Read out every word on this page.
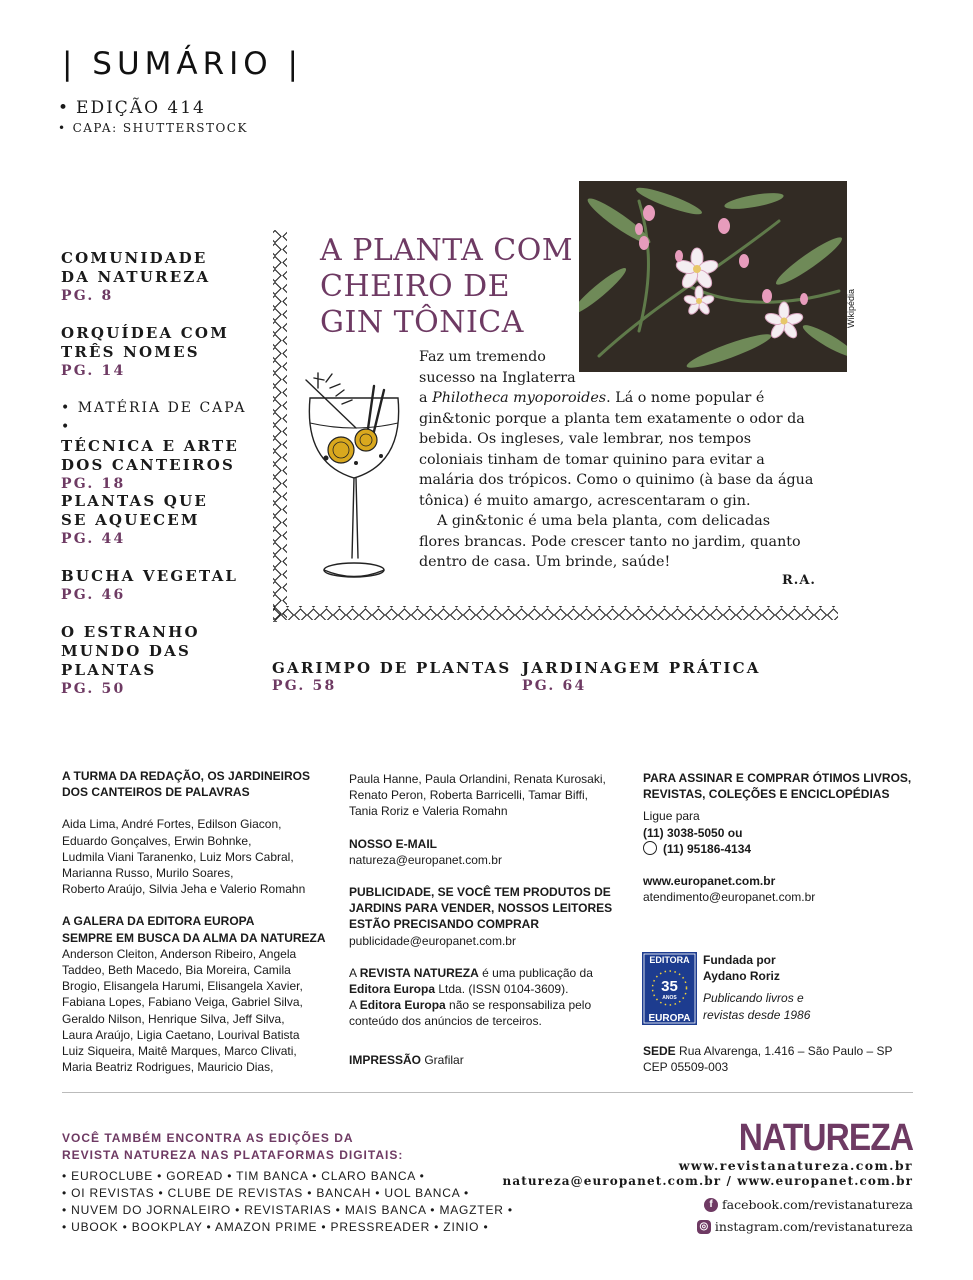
| SUMÁRIO |
• EDIÇÃO 414
• CAPA: SHUTTERSTOCK
COMUNIDADE
DA NATUREZA
PG. 8
ORQUÍDEA COM
TRÊS NOMES
PG. 14
• MATÉRIA DE CAPA •
TÉCNICA E ARTE
DOS CANTEIROS
PG. 18
PLANTAS QUE
SE AQUECEM
PG. 44
BUCHA VEGETAL
PG. 46
O ESTRANHO
MUNDO DAS
PLANTAS
PG. 50
A PLANTA COM
CHEIRO DE
GIN TÔNICA	Wikipédia

Faz um tremendo
sucesso na Inglaterra
a Philotheca myoporoides. Lá o nome popular é gin&tonic porque a planta tem exatamente o odor da bebida. Os ingleses, vale lembrar, nos tempos coloniais tinham de tomar quinino para evitar a malária dos trópicos. Como o quinimo (à base da água tônica) é muito amargo, acrescentaram o gin.

A gin&tonic é uma bela planta, com delicadas flores brancas. Pode crescer tanto no jardim, quanto dentro de casa. Um brinde, saúde!

R.A.
GARIMPO DE PLANTAS
PG. 58
JARDINAGEM PRÁTICA
PG. 64
A TURMA DA REDAÇÃO, OS JARDINEIROS
DOS CANTEIROS DE PALAVRAS
Aida Lima, André Fortes, Edilson Giacon,
Eduardo Gonçalves, Erwin Bohnke,
Ludmila Viani Taranenko, Luiz Mors Cabral,
Marianna Russo, Murilo Soares,
Roberto Araújo, Silvia Jeha e Valerio Romahn
A GALERA DA EDITORA EUROPA
SEMPRE EM BUSCA DA ALMA DA NATUREZA
Anderson Cleiton, Anderson Ribeiro, Angela
Taddeo, Beth Macedo, Bia Moreira, Camila
Brogio, Elisangela Harumi, Elisangela Xavier,
Fabiana Lopes, Fabiano Veiga, Gabriel Silva,
Geraldo Nilson, Henrique Silva, Jeff Silva,
Laura Araújo, Ligia Caetano, Lourival Batista
Luiz Siqueira, Maitê Marques, Marco Clivati,
Maria Beatriz Rodrigues, Mauricio Dias,
Paula Hanne, Paula Orlandini, Renata Kurosaki,
Renato Peron, Roberta Barricelli, Tamar Biffi,
Tania Roriz e Valeria Romahn
NOSSO E-MAIL
natureza@europanet.com.br
PUBLICIDADE, SE VOCÊ TEM PRODUTOS DE
JARDINS PARA VENDER, NOSSOS LEITORES
ESTÃO PRECISANDO COMPRAR
publicidade@europanet.com.br
A REVISTA NATUREZA é uma publicação da
Editora Europa Ltda. (ISSN 0104-3609).
A Editora Europa não se responsabiliza pelo
conteúdo dos anúncios de terceiros.
IMPRESSÃO Grafilar
PARA ASSINAR E COMPRAR ÓTIMOS LIVROS,
REVISTAS, COLEÇÕES E ENCICLOPÉDIAS
Ligue para
(11) 3038-5050 ou
(11) 95186-4134
www.europanet.com.br
atendimento@europanet.com.br
EDITORA
35
ANOS
EUROPA
Fundada por
Aydano Roriz
Publicando livros e
revistas desde 1986
SEDE Rua Alvarenga, 1.416 – São Paulo – SP
CEP 05509-003
VOCÊ TAMBÉM ENCONTRA AS EDIÇÕES DA
REVISTA NATUREZA NAS PLATAFORMAS DIGITAIS:
• EUROCLUBE • GOREAD • TIM BANCA • CLARO BANCA •
• OI REVISTAS • CLUBE DE REVISTAS • BANCAH • UOL BANCA •
• NUVEM DO JORNALEIRO • REVISTARIAS • MAIS BANCA • MAGZTER •
• UBOOK • BOOKPLAY • AMAZON PRIME • PRESSREADER • ZINIO •
NATUREZA
www.revistanatureza.com.br
natureza@europanet.com.br / www.europanet.com.br
f facebook.com/revistanatureza
◎ instagram.com/revistanatureza
